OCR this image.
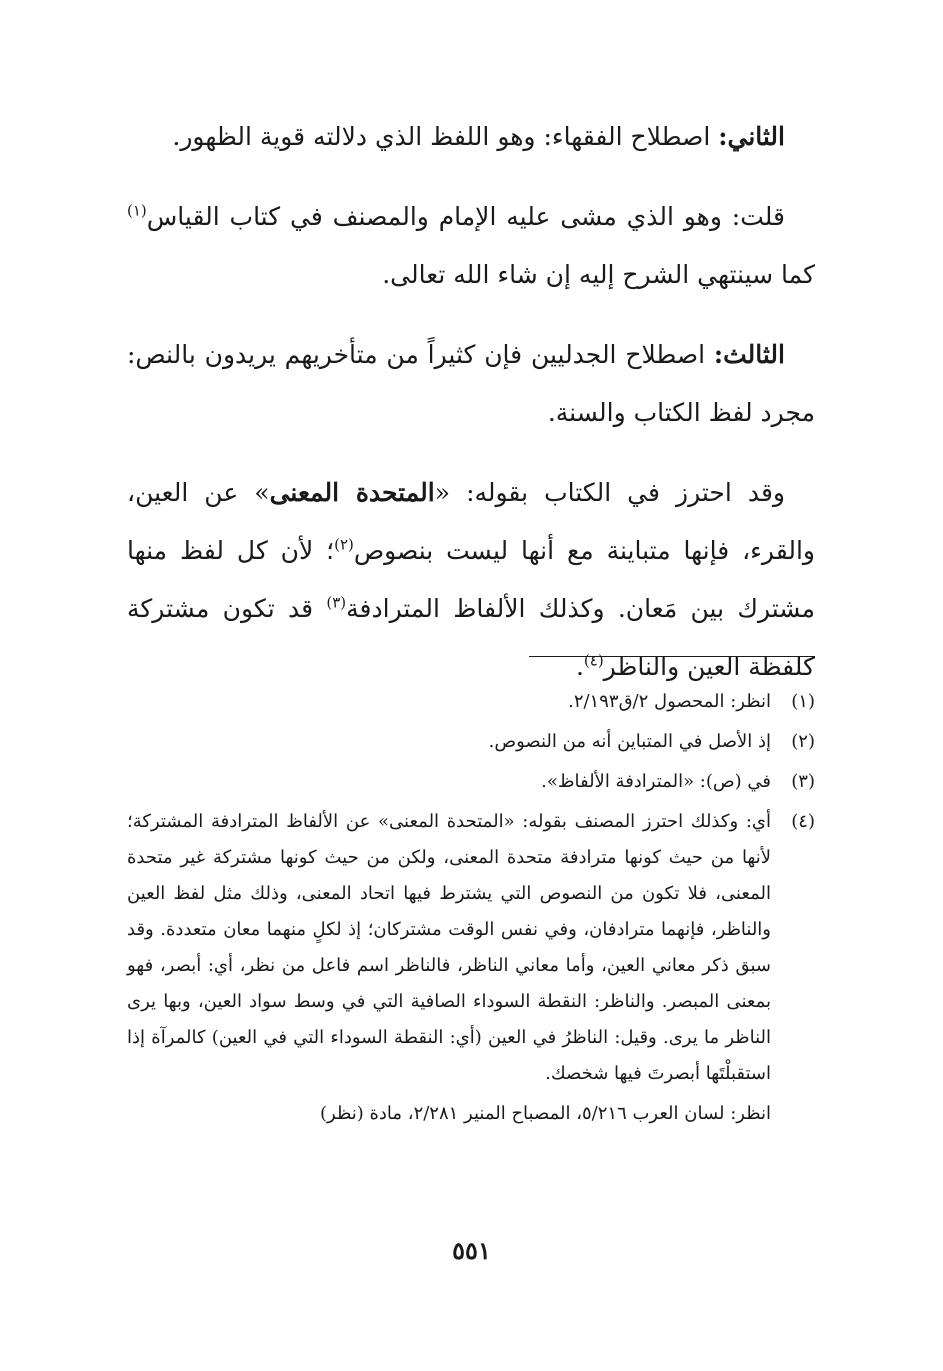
الثاني: اصطلاح الفقهاء: وهو اللفظ الذي دلالته قوية الظهور.

قلت: وهو الذي مشى عليه الإمام والمصنف في كتاب القياس$^{(١)}$ كما سينتهي الشرح إليه إن شاء الله تعالى.

الثالث: اصطلاح الجدليين فإن كثيراً من متأخريهم يريدون بالنص: مجرد لفظ الكتاب والسنة.

وقد احترز في الكتاب بقوله: «المتحدة المعنى» عن العين، والقرء، فإنها متباينة مع أنها ليست بنصوص$^{(٢)}$؛ لأن كل لفظ منها مشترك بين مَعان. وكذلك الألفاظ المترادفة$^{(٣)}$ قد تكون مشتركة كلفظة العين والناظر$^{(٤)}$.

(١)
انظر: المحصول ٢/ق٢/١٩٣.
(٢)
إذ الأصل في المتباين أنه من النصوص.
(٣)
في (ص): «المترادفة الألفاظ».
(٤)
أي: وكذلك احترز المصنف بقوله: «المتحدة المعنى» عن الألفاظ المترادفة المشتركة؛ لأنها من حيث كونها مترادفة متحدة المعنى، ولكن من حيث كونها مشتركة غير متحدة المعنى، فلا تكون من النصوص التي يشترط فيها اتحاد المعنى، وذلك مثل لفظ العين والناظر، فإنهما مترادفان، وفي نفس الوقت مشتركان؛ إذ لكلٍ منهما معان متعددة. وقد سبق ذكر معاني العين، وأما معاني الناظر، فالناظر اسم فاعل من نظر، أي: أبصر، فهو بمعنى المبصر. والناظر: النقطة السوداء الصافية التي في وسط سواد العين، وبها يرى الناظر ما يرى. وقيل: الناظرُ في العين (أي: النقطة السوداء التي في العين) كالمرآة إذا استقبلْتَها أبصرتَ فيها شخصك.
انظر: لسان العرب ٥/٢١٦، المصباح المنير ٢/٢٨١، مادة (نظر)
٥٥١
